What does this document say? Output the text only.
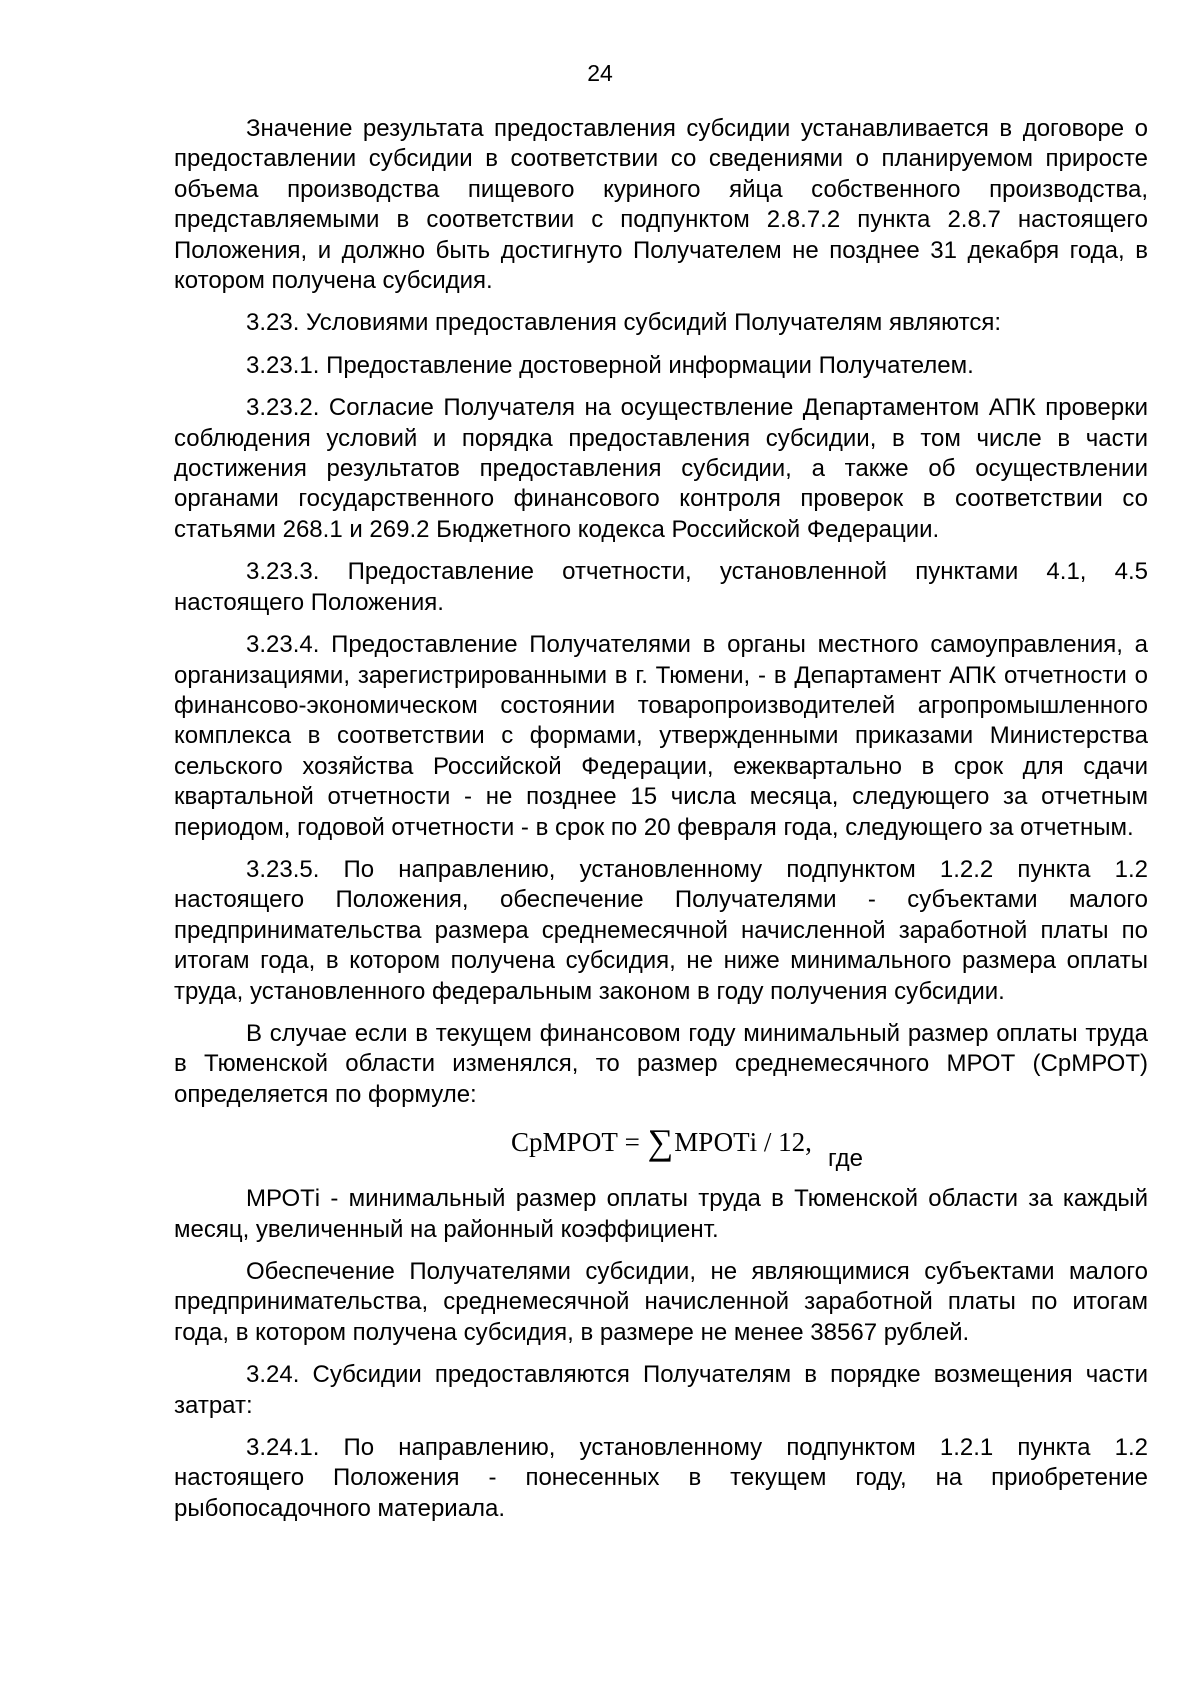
24

Значение результата предоставления субсидии устанавливается в договоре о предоставлении субсидии в соответствии со сведениями о планируемом приросте объема производства пищевого куриного яйца собственного производства, представляемыми в соответствии с подпунктом 2.8.7.2 пункта 2.8.7 настоящего Положения, и должно быть достигнуто Получателем не позднее 31 декабря года, в котором получена субсидия.

3.23. Условиями предоставления субсидий Получателям являются:

3.23.1. Предоставление достоверной информации Получателем.

3.23.2. Согласие Получателя на осуществление Департаментом АПК проверки соблюдения условий и порядка предоставления субсидии, в том числе в части достижения результатов предоставления субсидии, а также об осуществлении органами государственного финансового контроля проверок в соответствии со статьями 268.1 и 269.2 Бюджетного кодекса Российской Федерации.

3.23.3. Предоставление отчетности, установленной пунктами 4.1, 4.5 настоящего Положения.

3.23.4. Предоставление Получателями в органы местного самоуправления, а организациями, зарегистрированными в г. Тюмени, - в Департамент АПК отчетности о финансово-экономическом состоянии товаропроизводителей агропромышленного комплекса в соответствии с формами, утвержденными приказами Министерства сельского хозяйства Российской Федерации, ежеквартально в срок для сдачи квартальной отчетности - не позднее 15 числа месяца, следующего за отчетным периодом, годовой отчетности - в срок по 20 февраля года, следующего за отчетным.

3.23.5. По направлению, установленному подпунктом 1.2.2 пункта 1.2 настоящего Положения, обеспечение Получателями - субъектами малого предпринимательства размера среднемесячной начисленной заработной платы по итогам года, в котором получена субсидия, не ниже минимального размера оплаты труда, установленного федеральным законом в году получения субсидии.

В случае если в текущем финансовом году минимальный размер оплаты труда в Тюменской области изменялся, то размер среднемесячного МРОТ (СрМРОТ) определяется по формуле:

СрМРОТ = ∑МРОТi / 12,
где

МРОТi - минимальный размер оплаты труда в Тюменской области за каждый месяц, увеличенный на районный коэффициент.

Обеспечение Получателями субсидии, не являющимися субъектами малого предпринимательства, среднемесячной начисленной заработной платы по итогам года, в котором получена субсидия, в размере не менее 38567 рублей.

3.24. Субсидии предоставляются Получателям в порядке возмещения части затрат:

3.24.1. По направлению, установленному подпунктом 1.2.1 пункта 1.2 настоящего Положения - понесенных в текущем году, на приобретение рыбопосадочного материала.
